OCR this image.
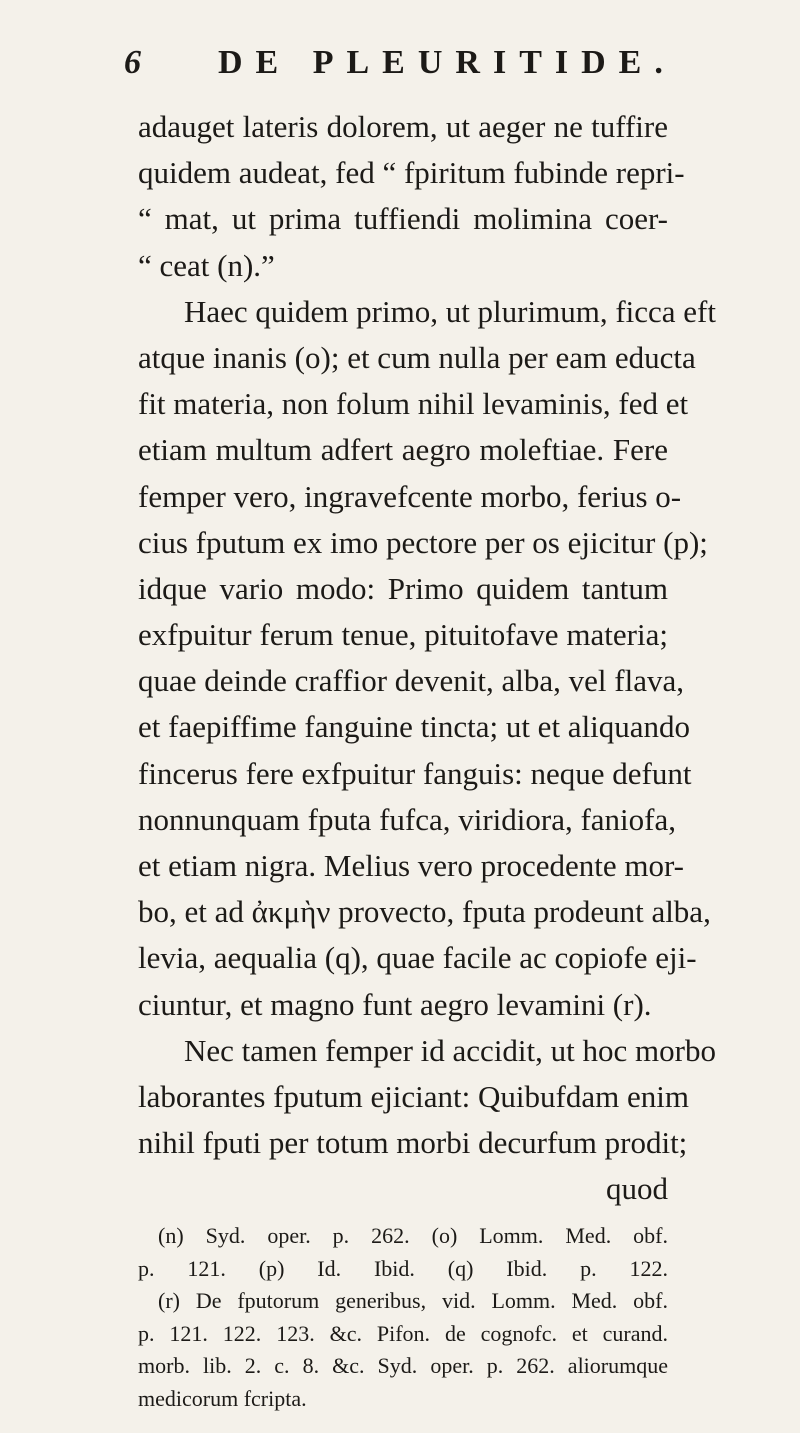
6 DE PLEURITIDE.
adauget lateris dolorem, ut aeger ne tuffire
quidem audeat, fed “ fpiritum fubinde repri-
“ mat, ut prima tuffiendi molimina coer-
“ ceat (n).”
Haec quidem primo, ut plurimum, ficca eft
atque inanis (o); et cum nulla per eam educta
fit materia, non folum nihil levaminis, fed et
etiam multum adfert aegro moleftiae. Fere
femper vero, ingravefcente morbo, ferius o-
cius fputum ex imo pectore per os ejicitur (p);
idque vario modo: Primo quidem tantum
exfpuitur ferum tenue, pituitofave materia;
quae deinde craffior devenit, alba, vel flava,
et faepiffime fanguine tincta; ut et aliquando
fincerus fere exfpuitur fanguis: neque defunt
nonnunquam fputa fufca, viridiora, faniofa,
et etiam nigra. Melius vero procedente mor-
bo, et ad ἀκμὴν provecto, fputa prodeunt alba,
levia, aequalia (q), quae facile ac copiofe eji-
ciuntur, et magno funt aegro levamini (r).
Nec tamen femper id accidit, ut hoc morbo
laborantes fputum ejiciant: Quibufdam enim
nihil fputi per totum morbi decurfum prodit;
quod
(n) Syd. oper. p. 262. (o) Lomm. Med. obf.
p. 121. (p) Id. Ibid. (q) Ibid. p. 122.
(r) De fputorum generibus, vid. Lomm. Med. obf.
p. 121. 122. 123. &c. Pifon. de cognofc. et curand.
morb. lib. 2. c. 8. &c. Syd. oper. p. 262. aliorumque
medicorum fcripta.
